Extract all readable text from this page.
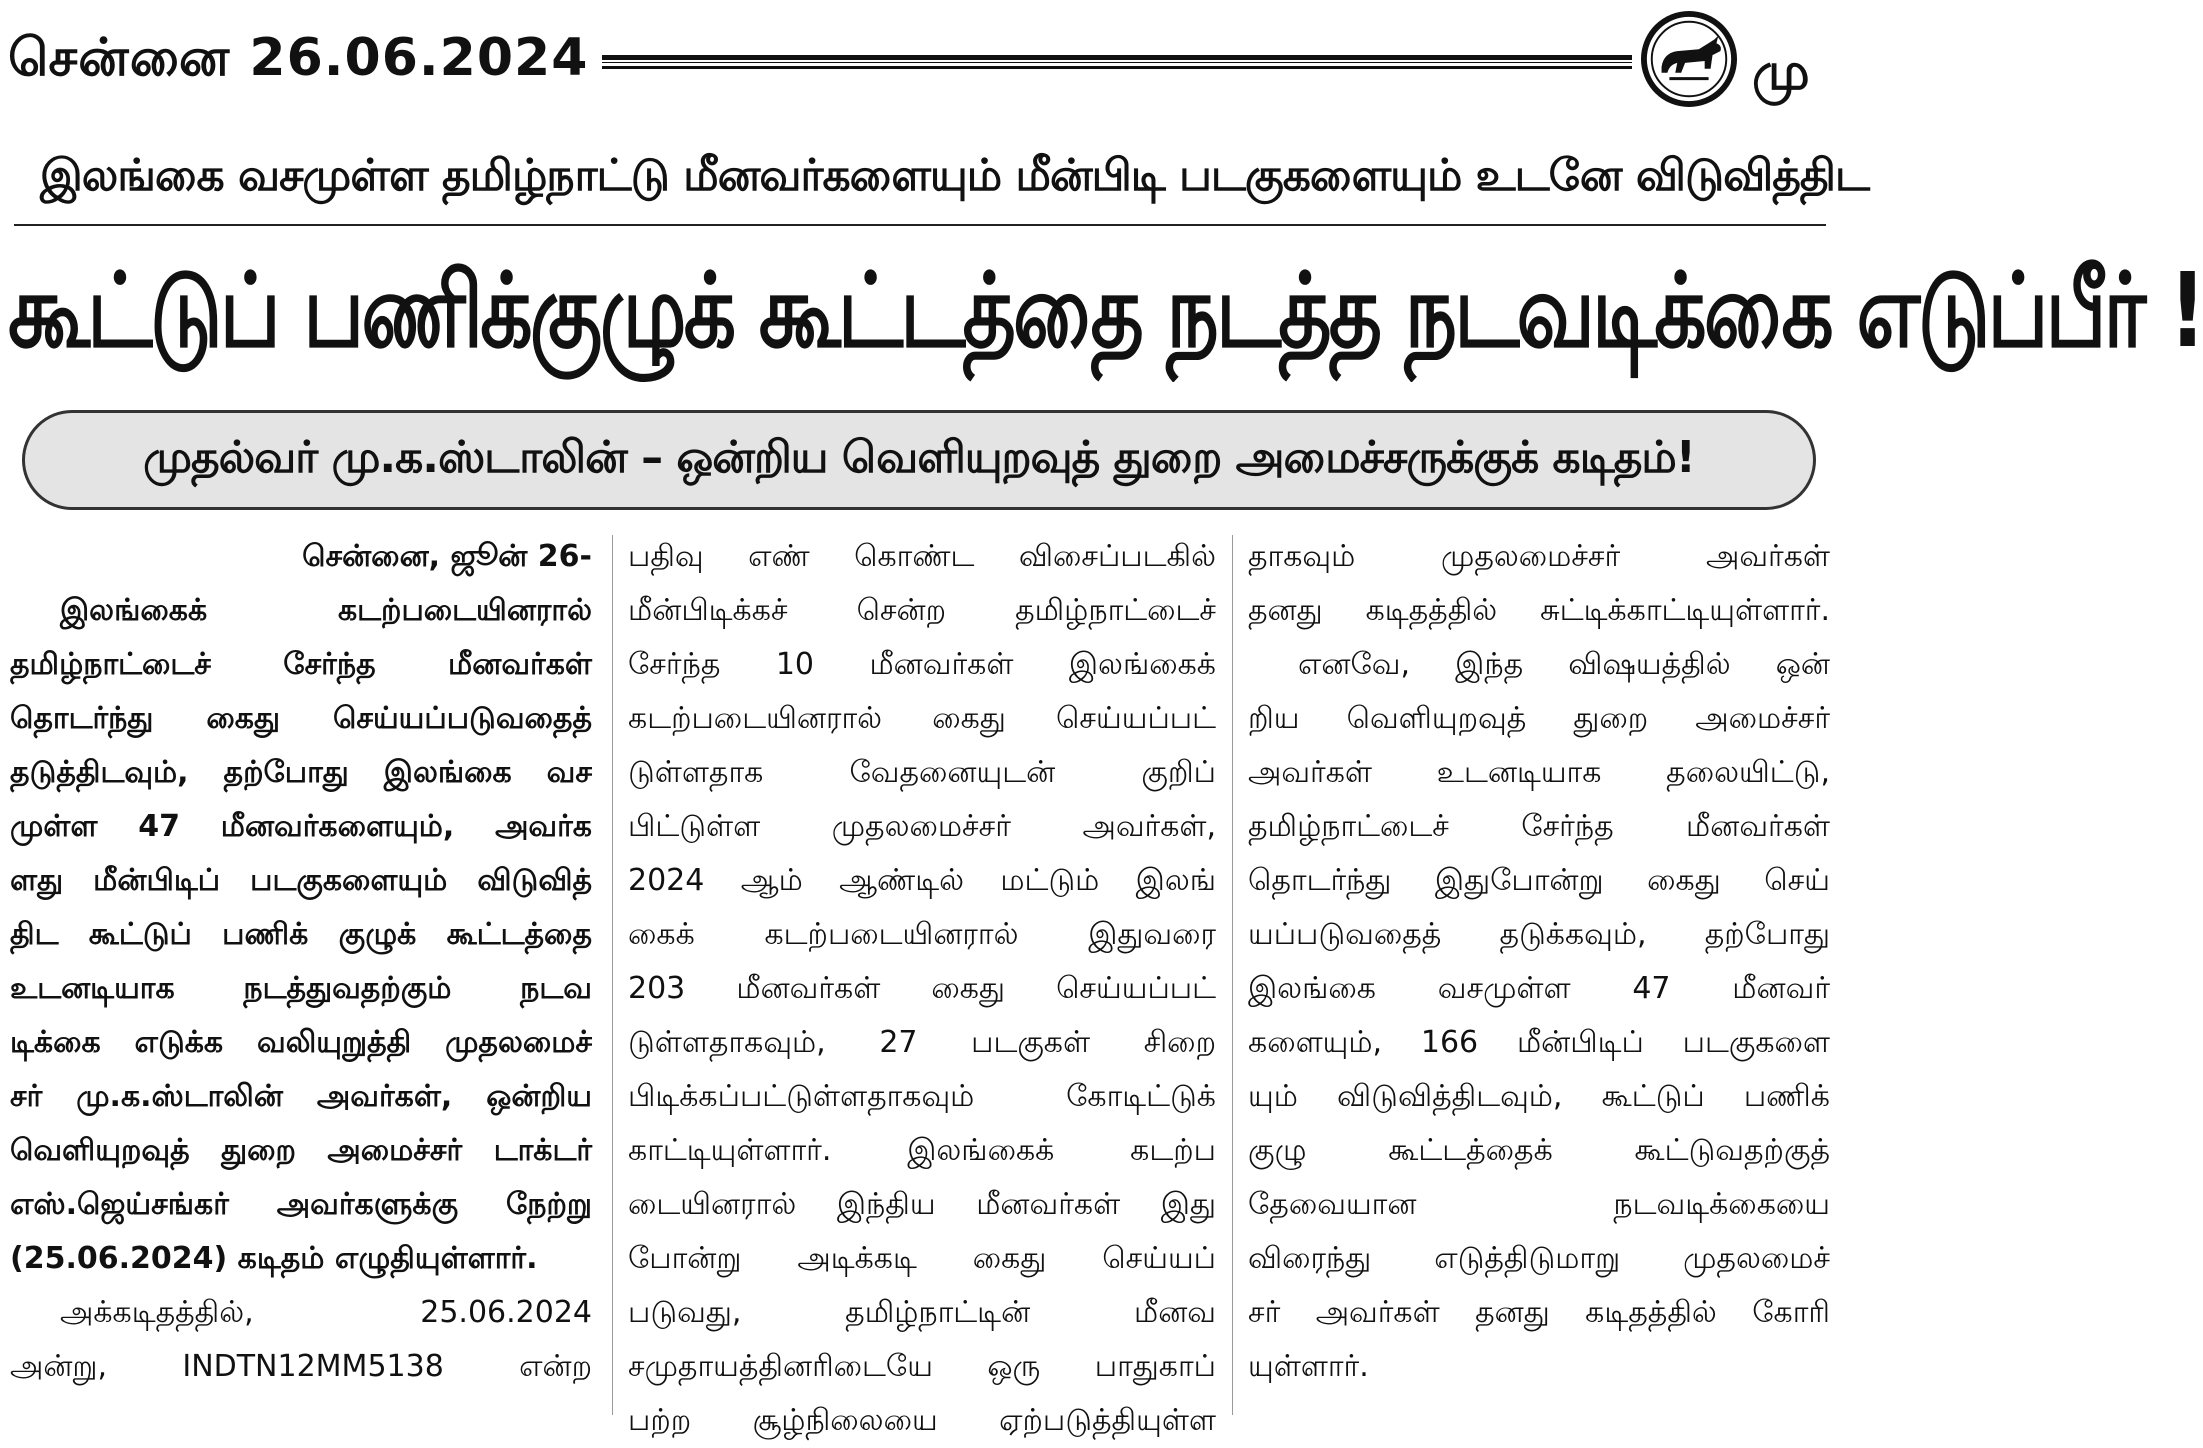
சென்னை 26.06.2024	மு
இலங்கை வசமுள்ள தமிழ்நாட்டு மீனவர்களையும் மீன்பிடி படகுகளையும் உடனே விடுவித்திட
கூட்டுப் பணிக்குழுக் கூட்டத்தை நடத்த நடவடிக்கை எடுப்பீர் !
முதல்வர் மு.க.ஸ்டாலின் – ஒன்றிய வெளியுறவுத் துறை அமைச்சருக்குக் கடிதம்!
சென்னை, ஜூன் 26-
இலங்கைக் கடற்படையினரால்
தமிழ்நாட்டைச் சேர்ந்த மீனவர்கள்
தொடர்ந்து கைது செய்யப்படுவதைத்
தடுத்திடவும், தற்போது இலங்கை வச
முள்ள 47 மீனவர்களையும், அவர்க
ளது மீன்பிடிப் படகுகளையும் விடுவித்
திட கூட்டுப் பணிக் குழுக் கூட்டத்தை
உடனடியாக நடத்துவதற்கும் நடவ
டிக்கை எடுக்க வலியுறுத்தி முதலமைச்
சர் மு.க.ஸ்டாலின் அவர்கள், ஒன்றிய
வெளியுறவுத் துறை அமைச்சர் டாக்டர்
எஸ்.ஜெய்சங்கர் அவர்களுக்கு நேற்று
(25.06.2024) கடிதம் எழுதியுள்ளார்.
அக்கடிதத்தில், 25.06.2024
அன்று, INDTN12MM5138 என்ற
பதிவு எண் கொண்ட விசைப்படகில்
மீன்பிடிக்கச் சென்ற தமிழ்நாட்டைச்
சேர்ந்த 10 மீனவர்கள் இலங்கைக்
கடற்படையினரால் கைது செய்யப்பட்
டுள்ளதாக வேதனையுடன் குறிப்
பிட்டுள்ள முதலமைச்சர் அவர்கள்,
2024 ஆம் ஆண்டில் மட்டும் இலங்
கைக் கடற்படையினரால் இதுவரை
203 மீனவர்கள் கைது செய்யப்பட்
டுள்ளதாகவும், 27 படகுகள் சிறை
பிடிக்கப்பட்டுள்ளதாகவும் கோடிட்டுக்
காட்டியுள்ளார். இலங்கைக் கடற்ப
டையினரால் இந்திய மீனவர்கள் இது
போன்று அடிக்கடி கைது செய்யப்
படுவது, தமிழ்நாட்டின் மீனவ
சமுதாயத்தினரிடையே ஒரு பாதுகாப்
பற்ற சூழ்நிலையை ஏற்படுத்தியுள்ள
தாகவும் முதலமைச்சர் அவர்கள்
தனது கடிதத்தில் சுட்டிக்காட்டியுள்ளார்.
எனவே, இந்த விஷயத்தில் ஒன்
றிய வெளியுறவுத் துறை அமைச்சர்
அவர்கள் உடனடியாக தலையிட்டு,
தமிழ்நாட்டைச் சேர்ந்த மீனவர்கள்
தொடர்ந்து இதுபோன்று கைது செய்
யப்படுவதைத் தடுக்கவும், தற்போது
இலங்கை வசமுள்ள 47 மீனவர்
களையும், 166 மீன்பிடிப் படகுகளை
யும் விடுவித்திடவும், கூட்டுப் பணிக்
குழு கூட்டத்தைக் கூட்டுவதற்குத்
தேவையான நடவடிக்கையை
விரைந்து எடுத்திடுமாறு முதலமைச்
சர் அவர்கள் தனது கடிதத்தில் கோரி
யுள்ளார்.
